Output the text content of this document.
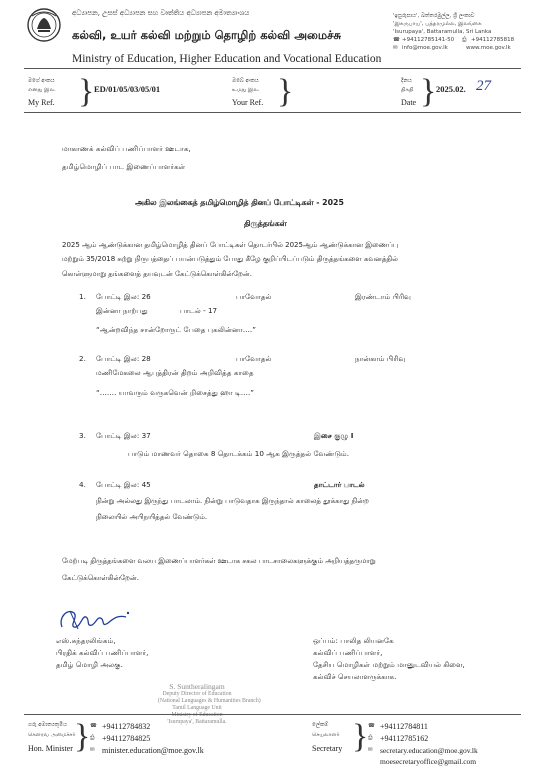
අධ්‍යාපන, උසස් අධ්‍යාපන සහ වෘත්තිය අධ්‍යාපන අමාත්‍යාංශය
கல்வி, உயர் கல்வி மற்றும் தொழிற் கல்வி அமைச்சு
Ministry of Education, Higher Education and Vocational Education
'ඉසුරුපාය', බත්තරමුල්ල, ශ්‍රී ලංකාව
'இசுருபாய', பத்தரமுல்ல, இலங்கை
'Isurupaya', Battaramulla, Sri Lanka
☎ +94112785141-50 ⎙ +94112785818
✉ info@moe.gov.lk	www.moe.gov.lk
මගේ අංකය
எனது இல.
My Ref. } ED/01/05/03/05/01
ඔබේ අංකය
உமது இல.
Your Ref. }	දිනය
திகதி
Date } 2025.02. 27
மாகாணக் கல்விப் பணிப்பாளர் ஊடாக,
தமிழ்மொழிப் பாட இணைப்பாளர்கள்
அகில இலங்கைத் தமிழ்மொழித் தினப் போட்டிகள் - 2025
திருத்தங்கள்
2025 ஆம் ஆண்டுக்கான தமிழ்மொழித் தினப் போட்டிகள் தொடர்பில் 2025ஆம் ஆண்டுக்கான இணைப்பு
மற்றும் 35/2018 சுற்று நிருபத்தைப் பயன்படுத்தும் போது கீழே குறிப்பிடப்படும் திருத்தங்களை கவனத்தில்
கொள்ளுமாறு தங்களைத் தயவுடன் கேட்டுக்கொள்கின்றேன்.
1. போட்டி இல: 26	பாவோதல்	இரண்டாம் பிரிவு
இன்னா நாற்பது	பாடல் - 17
“ஆன்றவிந்த சான்றோருட் பேதை புகலின்னா….”
2. போட்டி இல: 28	பாவோதல்	நான்காம் பிரிவு
மணிமேகலை ஆபுத்திரன் திறம் அறிவித்த காதை
“……. யாவரும் வருகவென் றிசைத்து ஹா டி….”
3. போட்டி இல: 37	இசை குழு I
பாடும் மாணவர் தொகை 8 தொடக்கம் 10 ஆக இருத்தல் வேண்டும்.
4. போட்டி இல: 45	தாட்டார் பாடல்
நின்று அல்லது இருந்து பாடலாம். நின்று பாடுவதாக இருந்தால் காலைத் தூக்காது நின்ற
நிலையில் அபிநயித்தல் வேண்டும்.
மேற்படி திருத்தங்களை வலய இணைப்பாளர்கள் ஊடாக சகல பாடசாலைகளுக்கும் அறியத்தருமாறு
கேட்டுக்கொள்கின்றேன்.
எஸ்.சுந்தரலிங்கம்,
பிரதிக் கல்விப் பணிப்பாளர்,
தமிழ் மொழி அலகு.
S. Suntheralingam
Deputy Director of Education
(National Languages & Humanities Branch)
Tamil Language Unit
Ministry of Education
'Isurupaya', Battaramulla.
ஒப்பம்: பாலித லியனகே
கல்விப் பணிப்பாளர்,
தேசிய மொழிகள் மற்றும் மானுடவியல் கிளை,
கல்விச் செயலாளருக்காக.
ගරු අමාත්‍යතුමිය
கௌரவ அமைச்சர்
Hon. Minister } ☎ +94112784832
⎙ +94112784825
✉ minister.education@moe.gov.lk
ලේකම්
செயலாளர்
Secretary } ☎ +94112784811
⎙ +94112785162
✉ secretary.education@moe.gov.lk
moesecretaryoffice@gmail.com
